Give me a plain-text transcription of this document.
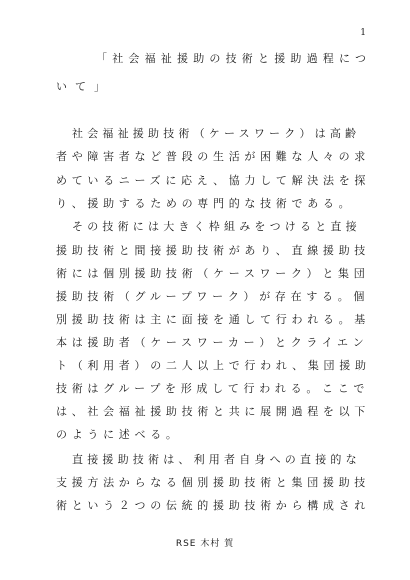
1
「社会福祉援助の技術と援助過程につ
いて」
社会福祉援助技術（ケースワーク）は高齢
者や障害者など普段の生活が困難な人々の求
めているニーズに応え、協力して解決法を探
り、援助するための専門的な技術である。
その技術には大きく枠組みをつけると直接
援助技術と間接援助技術があり、直線援助技
術には個別援助技術（ケースワーク）と集団
援助技術（グループワーク）が存在する。個
別援助技術は主に面接を通して行われる。基
本は援助者（ケースワーカー）とクライエン
ト（利用者）の二人以上で行われ、集団援助
技術はグループを形成して行われる。ここで
は、社会福祉援助技術と共に展開過程を以下
のように述べる。
直接援助技術は、利用者自身への直接的な
支援方法からなる個別援助技術と集団援助技
術という２つの伝統的援助技術から構成され
RSE 木村 賀
